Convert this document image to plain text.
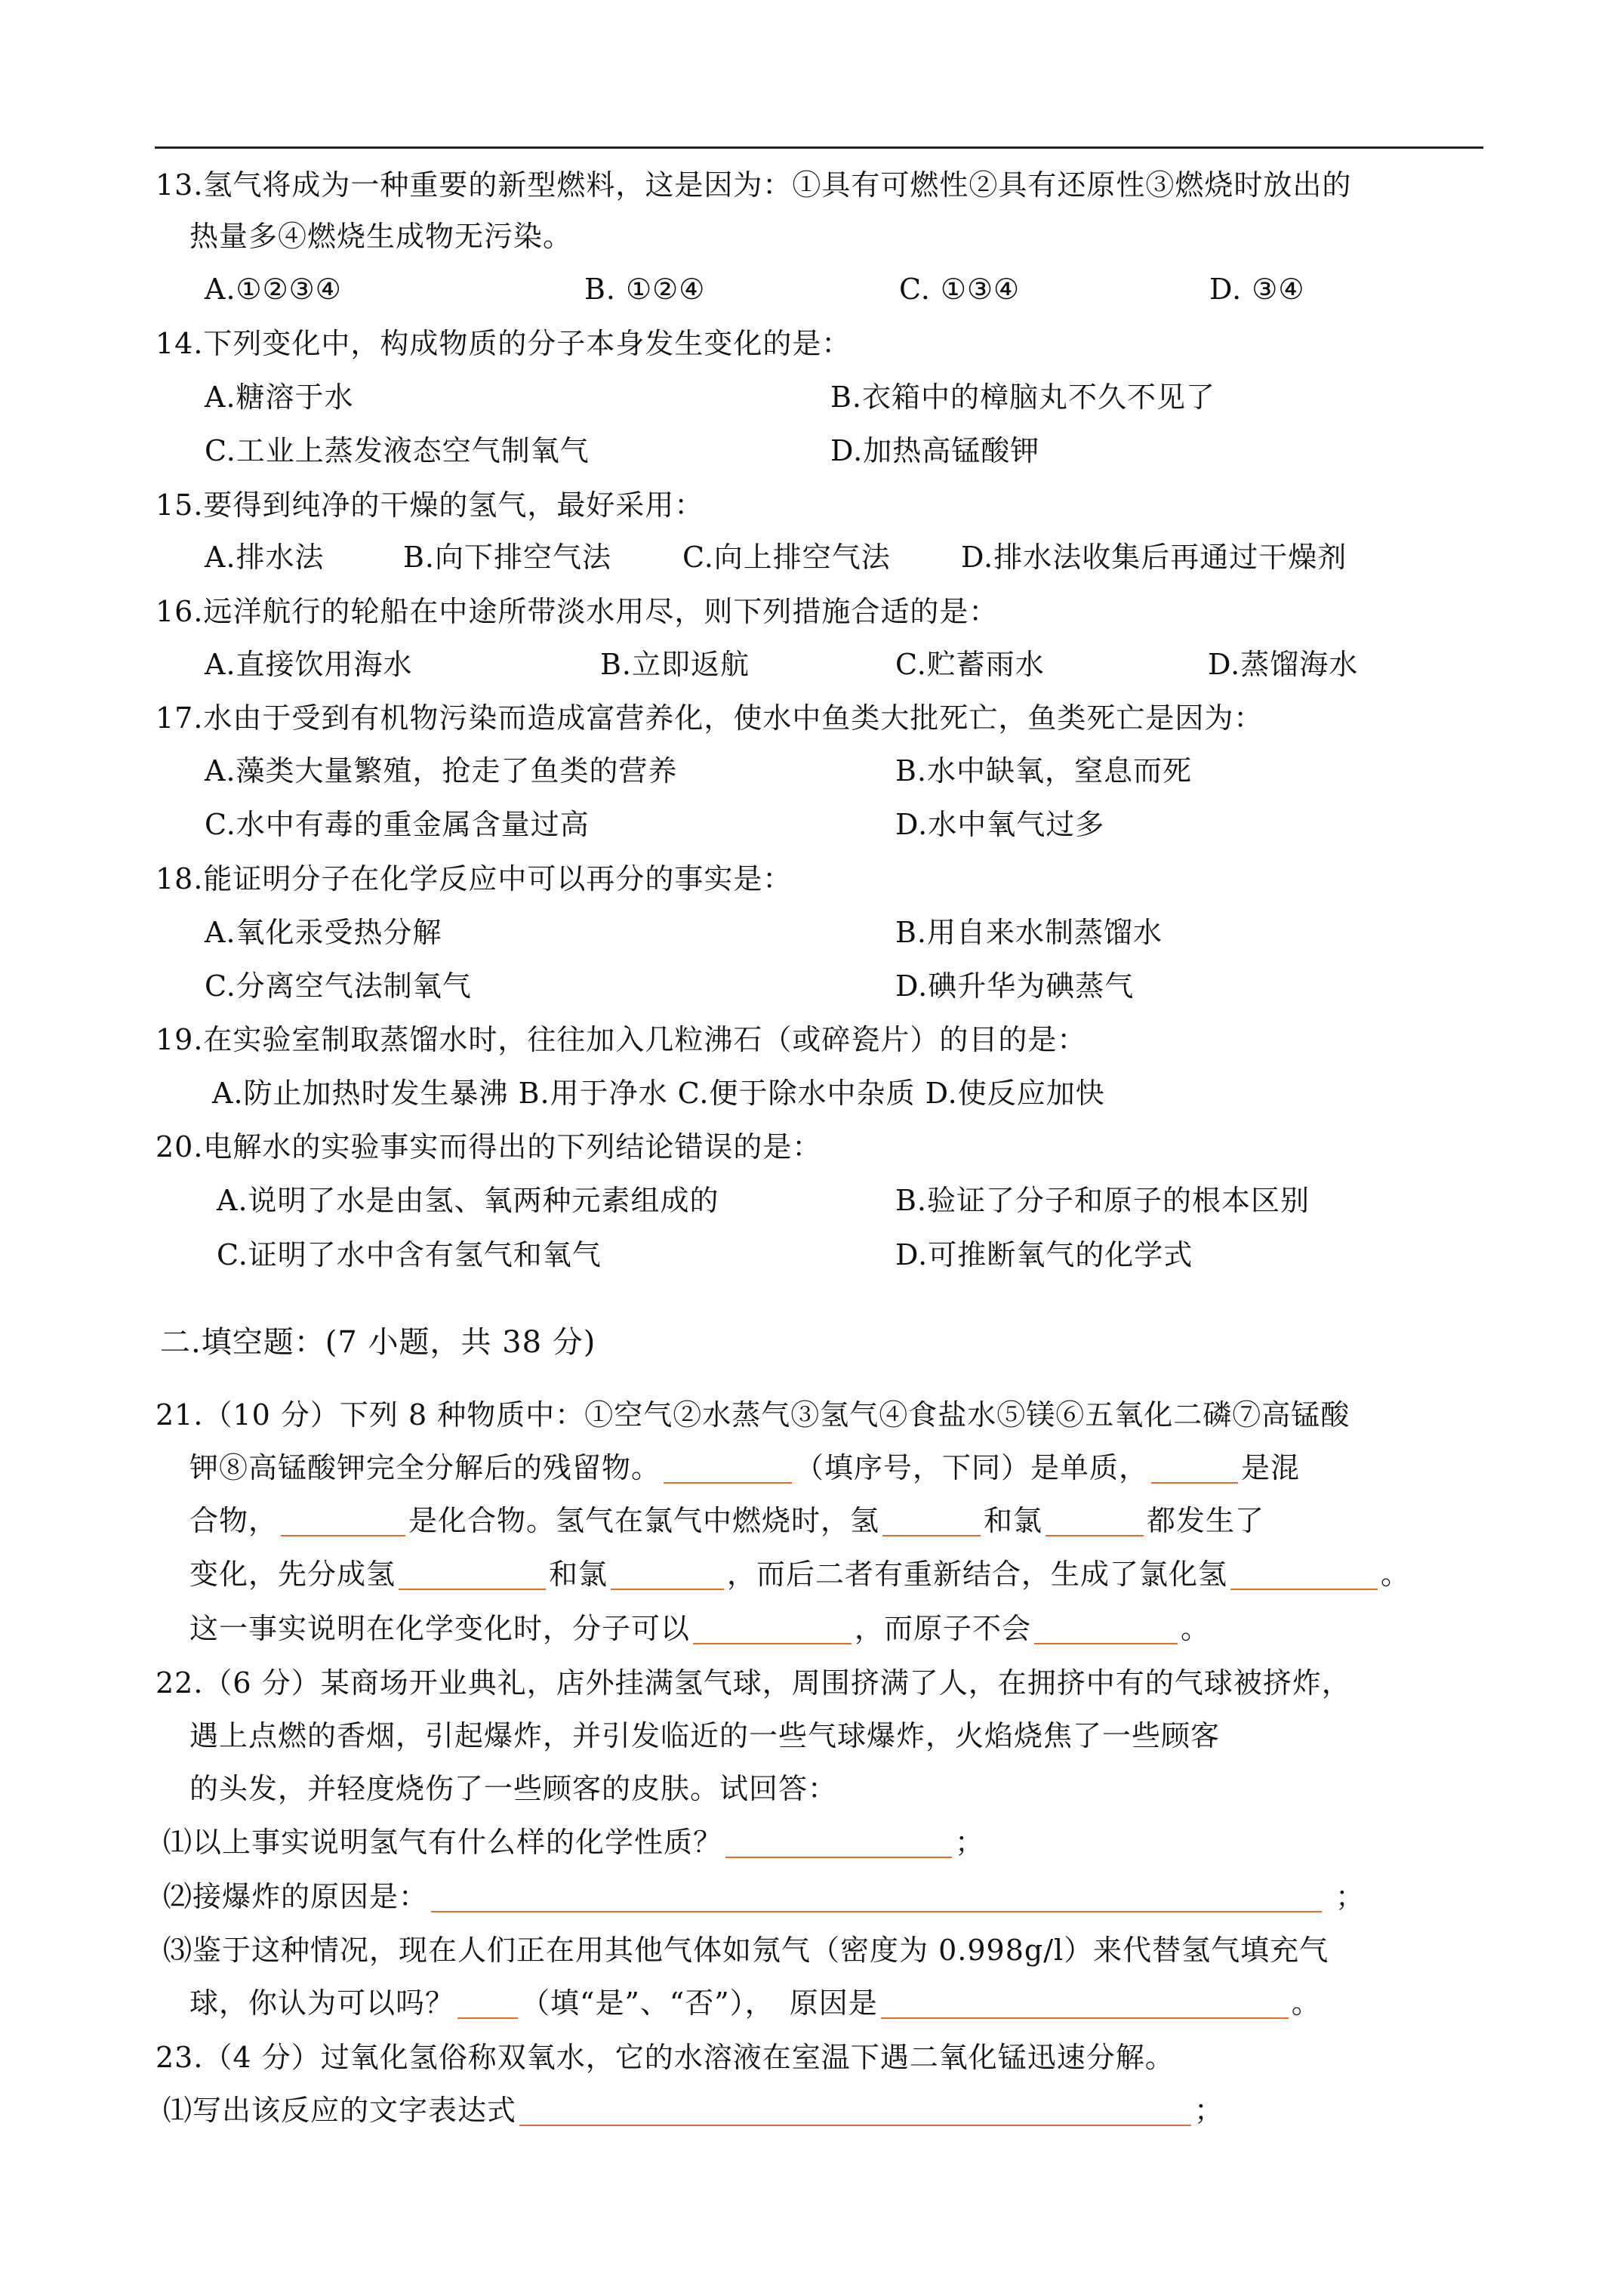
13.氢气将成为一种重要的新型燃料，这是因为：①具有可燃性②具有还原性③燃烧时放出的
热量多④燃烧生成物无污染。
A.①②③④	B. ①②④	C. ①③④	D. ③④
14.下列变化中，构成物质的分子本身发生变化的是：
A.糖溶于水	B.衣箱中的樟脑丸不久不见了
C.工业上蒸发液态空气制氧气	D.加热高锰酸钾
15.要得到纯净的干燥的氢气，最好采用：
A.排水法	B.向下排空气法 C.向上排空气法 D.排水法收集后再通过干燥剂
16.远洋航行的轮船在中途所带淡水用尽，则下列措施合适的是：
A.直接饮用海水	B.立即返航	C.贮蓄雨水	D.蒸馏海水
17.水由于受到有机物污染而造成富营养化，使水中鱼类大批死亡，鱼类死亡是因为：
A.藻类大量繁殖，抢走了鱼类的营养	B.水中缺氧，窒息而死
C.水中有毒的重金属含量过高	D.水中氧气过多
18.能证明分子在化学反应中可以再分的事实是：
A.氧化汞受热分解	B.用自来水制蒸馏水
C.分离空气法制氧气	D.碘升华为碘蒸气
19.在实验室制取蒸馏水时，往往加入几粒沸石（或碎瓷片）的目的是：
A.防止加热时发生暴沸 B.用于净水 C.便于除水中杂质 D.使反应加快
20.电解水的实验事实而得出的下列结论错误的是：
A.说明了水是由氢、氧两种元素组成的	B.验证了分子和原子的根本区别
C.证明了水中含有氢气和氧气	D.可推断氧气的化学式
二.填空题：(7 小题，共 38 分)
21.（10 分）下列 8 种物质中：①空气②水蒸气③氢气④食盐水⑤镁⑥五氧化二磷⑦高锰酸
钾⑧高锰酸钾完全分解后的残留物。	（填序号，下同）是单质，	是混
合物，	是化合物。氢气在氯气中燃烧时，氢	和氯	都发生了
变化，先分成氢	和氯	，而后二者有重新结合，生成了氯化氢	。
这一事实说明在化学变化时，分子可以	，而原子不会	。
22.（6 分）某商场开业典礼，店外挂满氢气球，周围挤满了人，在拥挤中有的气球被挤炸，
遇上点燃的香烟，引起爆炸，并引发临近的一些气球爆炸，火焰烧焦了一些顾客
的头发，并轻度烧伤了一些顾客的皮肤。试回答：
⑴以上事实说明氢气有什么样的化学性质？	；
⑵接爆炸的原因是：	；
⑶鉴于这种情况，现在人们正在用其他气体如氖气（密度为 0.998g/l）来代替氢气填充气
球，你认为可以吗？ （填“是”、“否”），　原因是	。
23.（4 分）过氧化氢俗称双氧水，它的水溶液在室温下遇二氧化锰迅速分解。
⑴写出该反应的文字表达式	；
